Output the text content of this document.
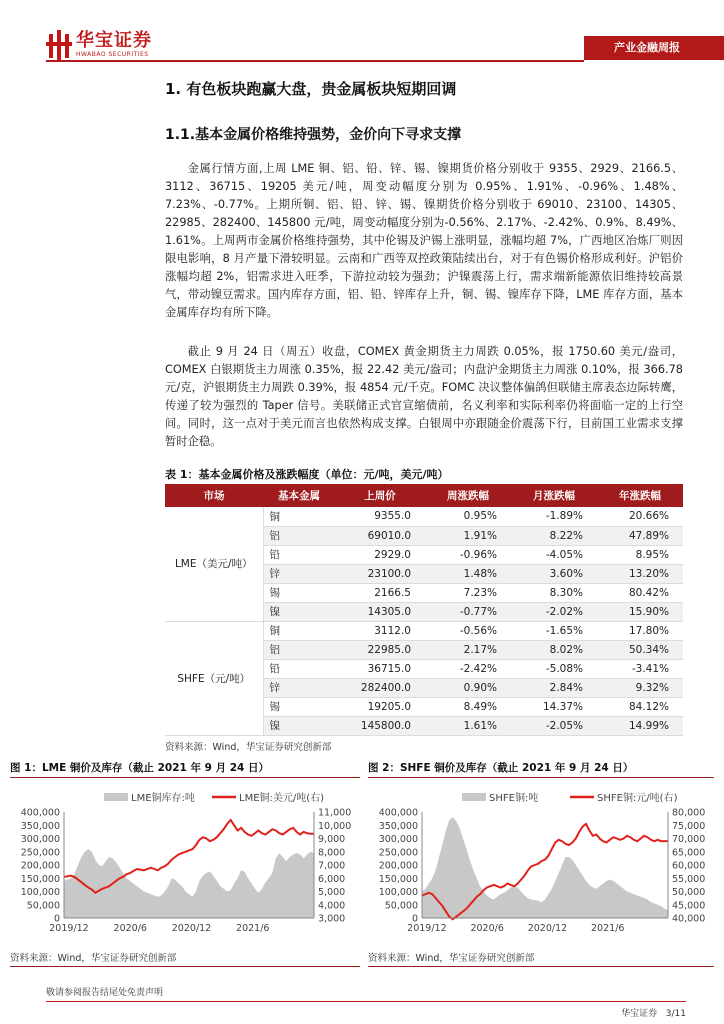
华宝证券
HWABAO SECURITIES	产业金融周报
1. 有色板块跑赢大盘，贵金属板块短期回调
1.1.基本金属价格维持强势，金价向下寻求支撑

金属行情方面,上周 LME 铜、铝、铅、锌、锡、镍期货价格分别收于 9355、2929、2166.5、3112、36715、19205 美元/吨，周变动幅度分别为 0.95%、1.91%、-0.96%、1.48%、7.23%、-0.77%。上期所铜、铝、铅、锌、锡、镍期货价格分别收于 69010、23100、14305、22985、282400、145800 元/吨，周变动幅度分别为-0.56%、2.17%、-2.42%、0.9%、8.49%、1.61%。上周两市金属价格维持强势，其中伦锡及沪锡上涨明显，涨幅均超 7%，广西地区冶炼厂则因限电影响，8 月产量下滑较明显。云南和广西等双控政策陆续出台，对于有色锡价格形成利好。沪铝价涨幅均超 2%，铝需求进入旺季，下游拉动较为强劲；沪镍震荡上行，需求端新能源依旧维持较高景气，带动镍豆需求。国内库存方面，铝、铅、锌库存上升，铜、锡、镍库存下降，LME 库存方面，基本金属库存均有所下降。

截止 9 月 24 日（周五）收盘，COMEX 黄金期货主力周跌 0.05%，报 1750.60 美元/盎司，COMEX 白银期货主力周涨 0.35%，报 22.42 美元/盎司；内盘沪金期货主力周涨 0.10%，报 366.78 元/克，沪银期货主力周跌 0.39%，报 4854 元/千克。FOMC 决议整体偏鸽但联储主席表态边际转鹰，传递了较为强烈的 Taper 信号。美联储正式官宣缩债前，名义利率和实际利率仍将面临一定的上行空间。同时，这一点对于美元而言也依然构成支撑。白银周中亦跟随金价震荡下行，目前国工业需求支撑暂时企稳。

表 1：基本金属价格及涨跌幅度（单位：元/吨，美元/吨）
市场	基本金属	上周价	周涨跌幅	月涨跌幅	年涨跌幅
LME（美元/吨）	铜	9355.0	0.95%	-1.89%	20.66%
	铝	69010.0	1.91%	8.22%	47.89%
	铅	2929.0	-0.96%	-4.05%	8.95%
	锌	23100.0	1.48%	3.60%	13.20%
	锡	2166.5	7.23%	8.30%	80.42%
	镍	14305.0	-0.77%	-2.02%	15.90%
SHFE（元/吨）	铜	3112.0	-0.56%	-1.65%	17.80%
	铝	22985.0	2.17%	8.02%	50.34%
	铅	36715.0	-2.42%	-5.08%	-3.41%
	锌	282400.0	0.90%	2.84%	9.32%
	锡	19205.0	8.49%	14.37%	84.12%
	镍	145800.0	1.61%	-2.05%	14.99%
资料来源：Wind，华宝证券研究创新部
图 1：LME 铜价及库存（截止 2021 年 9 月 24 日）
LME铜库存:吨	LME铜:美元/吨(右)
0
50,000
100,000
150,000
200,000
250,000
300,000
350,000
400,000
3,000
4,000
5,000
6,000
7,000
8,000
9,000
10,000
11,000
2019/12	2020/6	2020/12	2021/6
资料来源：Wind，华宝证券研究创新部
图 2：SHFE 铜价及库存（截止 2021 年 9 月 24 日）
SHFE铜:吨	SHFE铜:元/吨(右)
0
50,000
100,000
150,000
200,000
250,000
300,000
350,000
400,000
40,000
45,000
50,000
55,000
60,000
65,000
70,000
75,000
80,000
2019/12	2020/6	2020/12	2021/6
资料来源：Wind，华宝证券研究创新部
敬请参阅报告结尾处免责声明
华宝证券 3/11
